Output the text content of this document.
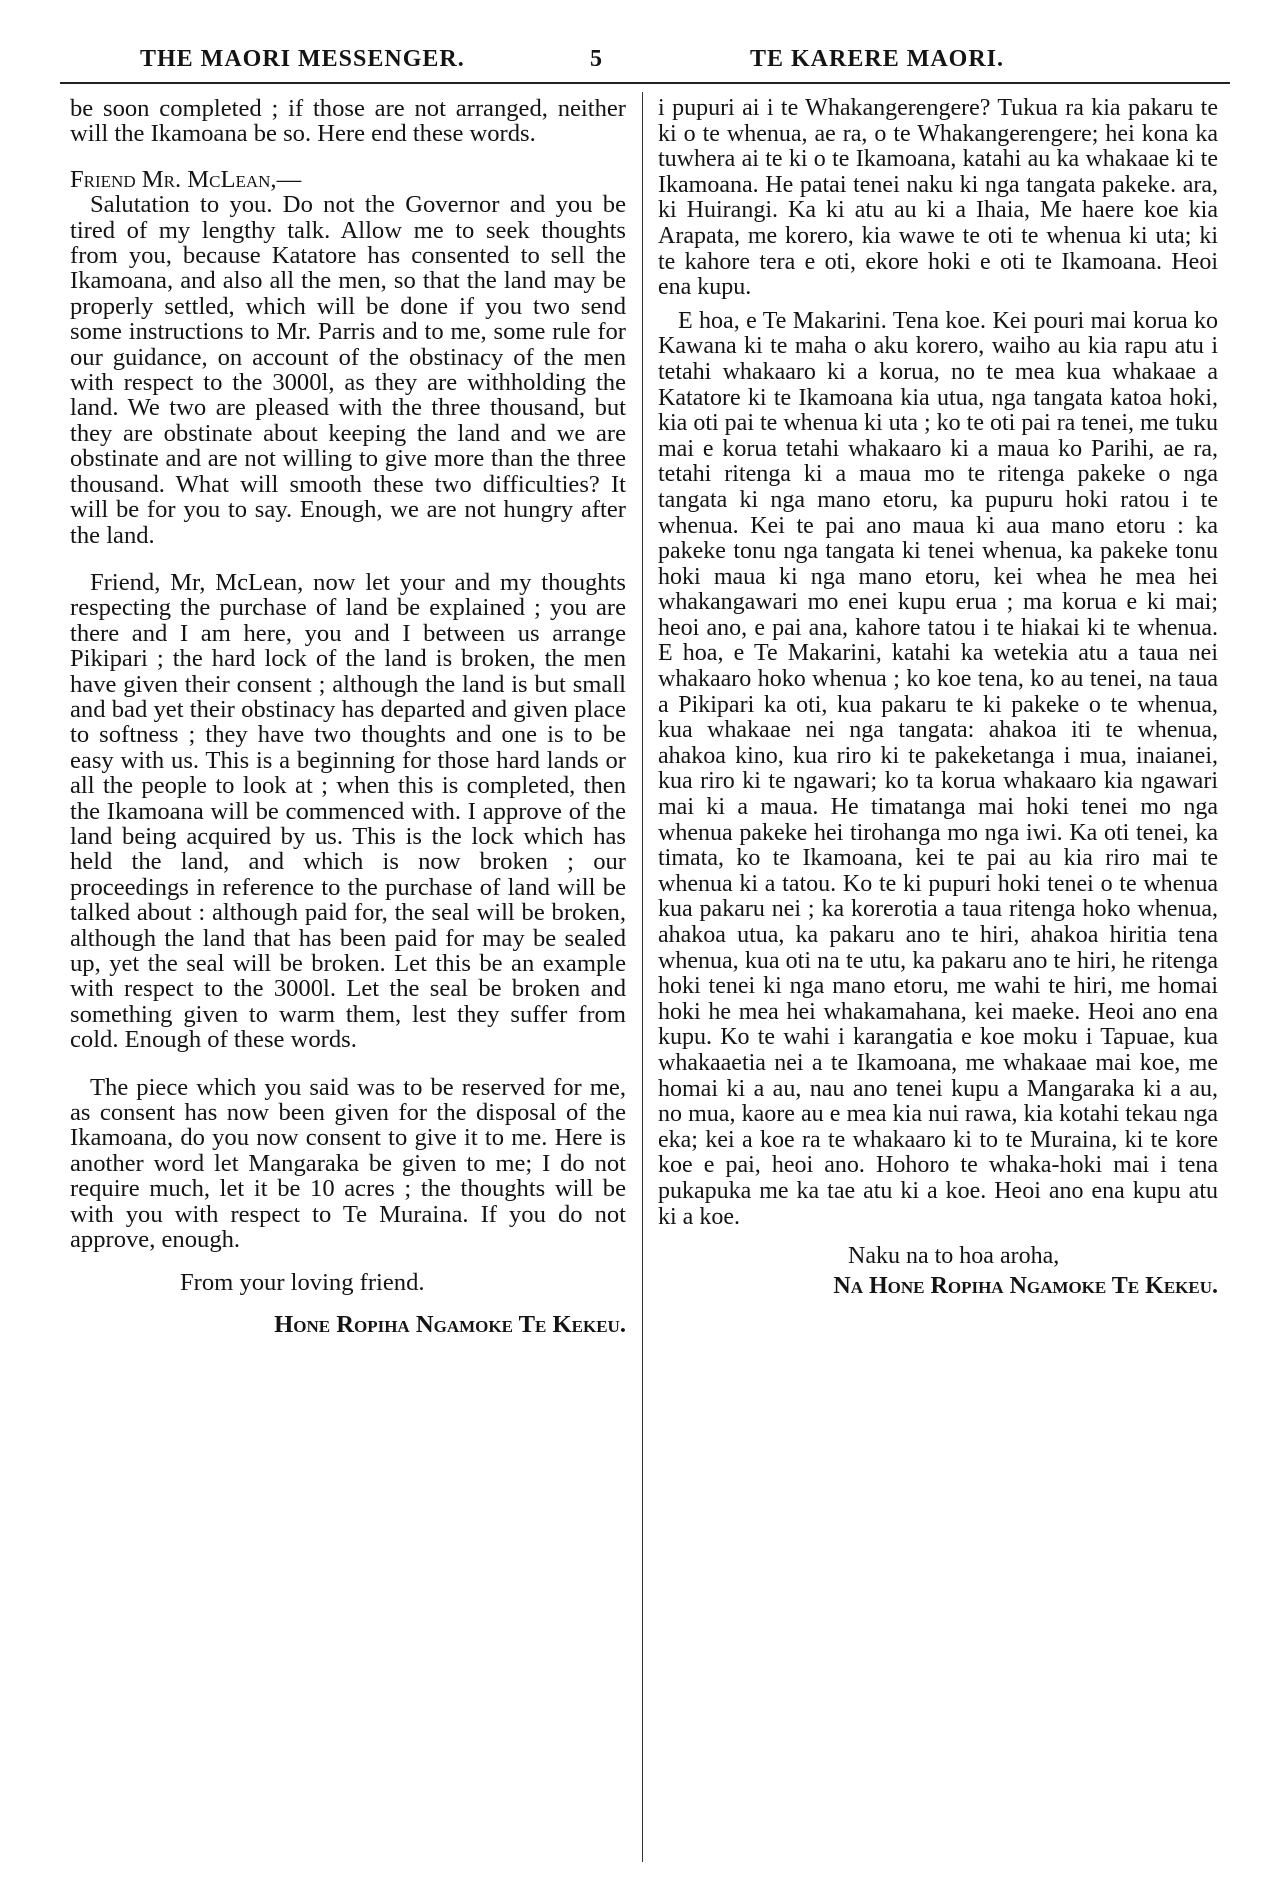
THE MAORI MESSENGER.	5	TE KARERE MAORI.

be soon completed ; if those are not arranged, neither will the Ikamoana be so. Here end these words.

Friend Mr. McLean,—

Salutation to you. Do not the Governor and you be tired of my lengthy talk. Allow me to seek thoughts from you, because Katatore has consented to sell the Ikamoana, and also all the men, so that the land may be properly settled, which will be done if you two send some instructions to Mr. Parris and to me, some rule for our guidance, on account of the obstinacy of the men with respect to the 3000l, as they are withholding the land. We two are pleased with the three thousand, but they are obstinate about keeping the land and we are obstinate and are not willing to give more than the three thousand. What will smooth these two difficulties? It will be for you to say. Enough, we are not hungry after the land.

Friend, Mr, McLean, now let your and my thoughts respecting the purchase of land be explained ; you are there and I am here, you and I between us arrange Pikipari ; the hard lock of the land is broken, the men have given their consent ; although the land is but small and bad yet their obstinacy has departed and given place to softness ; they have two thoughts and one is to be easy with us. This is a beginning for those hard lands or all the people to look at ; when this is completed, then the Ikamoana will be commenced with. I approve of the land being acquired by us. This is the lock which has held the land, and which is now broken ; our proceedings in reference to the purchase of land will be talked about : although paid for, the seal will be broken, although the land that has been paid for may be sealed up, yet the seal will be broken. Let this be an example with respect to the 3000l. Let the seal be broken and something given to warm them, lest they suffer from cold. Enough of these words.

The piece which you said was to be reserved for me, as consent has now been given for the disposal of the Ikamoana, do you now consent to give it to me. Here is another word let Mangaraka be given to me; I do not require much, let it be 10 acres ; the thoughts will be with you with respect to Te Muraina. If you do not approve, enough.

From your loving friend.

Hone Ropiha Ngamoke Te Kekeu.

i pupuri ai i te Whakangerengere? Tukua ra kia pakaru te ki o te whenua, ae ra, o te Whakangerengere; hei kona ka tuwhera ai te ki o te Ikamoana, katahi au ka whakaae ki te Ikamoana. He patai tenei naku ki nga tangata pakeke. ara, ki Huirangi. Ka ki atu au ki a Ihaia, Me haere koe kia Arapata, me korero, kia wawe te oti te whenua ki uta; ki te kahore tera e oti, ekore hoki e oti te Ikamoana. Heoi ena kupu.

E hoa, e Te Makarini. Tena koe. Kei pouri mai korua ko Kawana ki te maha o aku korero, waiho au kia rapu atu i tetahi whakaaro ki a korua, no te mea kua whakaae a Katatore ki te Ikamoana kia utua, nga tangata katoa hoki, kia oti pai te whenua ki uta ; ko te oti pai ra tenei, me tuku mai e korua tetahi whakaaro ki a maua ko Parihi, ae ra, tetahi ritenga ki a maua mo te ritenga pakeke o nga tangata ki nga mano etoru, ka pupuru hoki ratou i te whenua. Kei te pai ano maua ki aua mano etoru : ka pakeke tonu nga tangata ki tenei whenua, ka pakeke tonu hoki maua ki nga mano etoru, kei whea he mea hei whakangawari mo enei kupu erua ; ma korua e ki mai; heoi ano, e pai ana, kahore tatou i te hiakai ki te whenua. E hoa, e Te Makarini, katahi ka wetekia atu a taua nei whakaaro hoko whenua ; ko koe tena, ko au tenei, na taua a Pikipari ka oti, kua pakaru te ki pakeke o te whenua, kua whakaae nei nga tangata: ahakoa iti te whenua, ahakoa kino, kua riro ki te pakeketanga i mua, inaianei, kua riro ki te ngawari; ko ta korua whakaaro kia ngawari mai ki a maua. He timatanga mai hoki tenei mo nga whenua pakeke hei tirohanga mo nga iwi. Ka oti tenei, ka timata, ko te Ikamoana, kei te pai au kia riro mai te whenua ki a tatou. Ko te ki pupuri hoki tenei o te whenua kua pakaru nei ; ka korerotia a taua ritenga hoko whenua, ahakoa utua, ka pakaru ano te hiri, ahakoa hiritia tena whenua, kua oti na te utu, ka pakaru ano te hiri, he ritenga hoki tenei ki nga mano etoru, me wahi te hiri, me homai hoki he mea hei whakamahana, kei maeke. Heoi ano ena kupu. Ko te wahi i karangatia e koe moku i Tapuae, kua whakaaetia nei a te Ikamoana, me whakaae mai koe, me homai ki a au, nau ano tenei kupu a Mangaraka ki a au, no mua, kaore au e mea kia nui rawa, kia kotahi tekau nga eka; kei a koe ra te whakaaro ki to te Muraina, ki te kore koe e pai, heoi ano. Hohoro te whaka-hoki mai i tena pukapuka me ka tae atu ki a koe. Heoi ano ena kupu atu ki a koe.

Naku na to hoa aroha,

Na Hone Ropiha Ngamoke Te Kekeu.
